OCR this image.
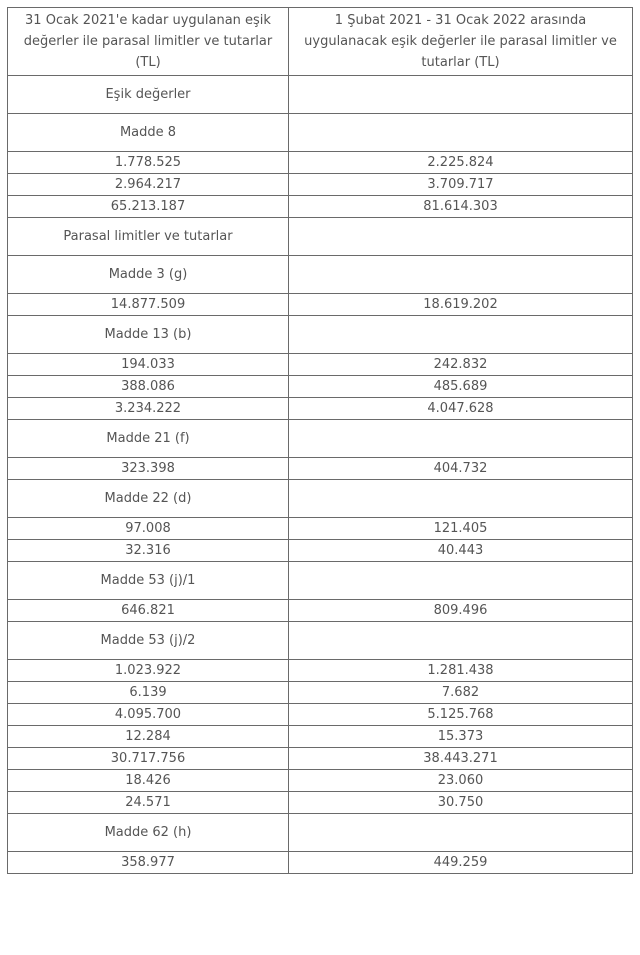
31 Ocak 2021'e kadar uygulanan eşik değerler ile parasal limitler ve tutarlar (TL)	1 Şubat 2021 - 31 Ocak 2022 arasında uygulanacak eşik değerler ile parasal limitler ve tutarlar (TL)
Eşik değerler	
Madde 8	
1.778.525	2.225.824
2.964.217	3.709.717
65.213.187	81.614.303
Parasal limitler ve tutarlar	
Madde 3 (g)	
14.877.509	18.619.202
Madde 13 (b)	
194.033	242.832
388.086	485.689
3.234.222	4.047.628
Madde 21 (f)	
323.398	404.732
Madde 22 (d)	
97.008	121.405
32.316	40.443
Madde 53 (j)/1	
646.821	809.496
Madde 53 (j)/2	
1.023.922	1.281.438
6.139	7.682
4.095.700	5.125.768
12.284	15.373
30.717.756	38.443.271
18.426	23.060
24.571	30.750
Madde 62 (h)	
358.977	449.259
